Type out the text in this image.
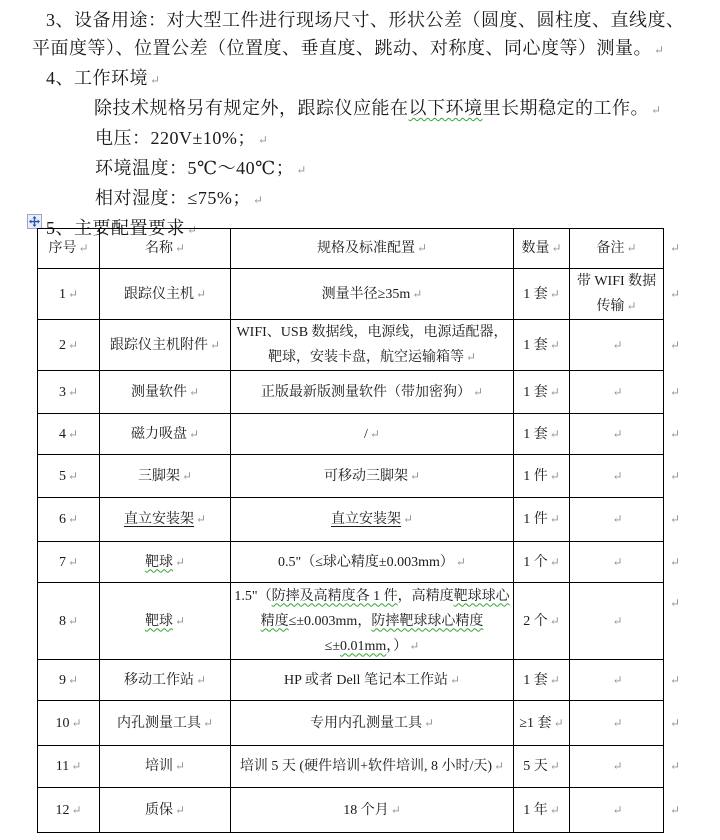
3、设备用途：对大型工件进行现场尺寸、形状公差（圆度、圆柱度、直线度、
平面度等）、位置公差（位置度、垂直度、跳动、对称度、同心度等）测量。 ↵
4、工作环境 ↵
除技术规格另有规定外，跟踪仪应能在以下环境里长期稳定的工作。 ↵
电压：220V±10%； ↵
环境温度：5℃～40℃； ↵
相对湿度：≤75%； ↵
5、主要配置要求 ↵
序号 ↵	名称 ↵	规格及标准配置 ↵	数量 ↵	备注 ↵	↵
1 ↵	跟踪仪主机 ↵	测量半径≥35m ↵	1 套 ↵	带 WIFI 数据传输 ↵	↵
2 ↵	跟踪仪主机附件 ↵	WIFI、USB 数据线，电源线，电源适配器，靶球，安装卡盘，航空运输箱等 ↵	1 套 ↵	↵	↵
3 ↵	测量软件 ↵	正版最新版测量软件（带加密狗） ↵	1 套 ↵	↵	↵
4 ↵	磁力吸盘 ↵	/ ↵	1 套 ↵	↵	↵
5 ↵	三脚架 ↵	可移动三脚架 ↵	1 件 ↵	↵	↵
6 ↵	直立安装架 ↵	直立安装架 ↵	1 件 ↵	↵	↵
7 ↵	靶球 ↵	0.5"（≤球心精度±0.003mm） ↵	1 个 ↵	↵	↵
8 ↵	靶球 ↵	1.5"（防摔及高精度各 1 件，高精度靶球球心精度≤±0.003mm，防摔靶球球心精度≤±0.01mm，） ↵	2 个 ↵	↵	↵
9 ↵	移动工作站 ↵	HP 或者 Dell 笔记本工作站 ↵	1 套 ↵	↵	↵
10 ↵	内孔测量工具 ↵	专用内孔测量工具 ↵	≥1 套 ↵	↵	↵
11 ↵	培训 ↵	培训 5 天 (硬件培训+软件培训, 8 小时/天) ↵	5 天 ↵	↵	↵
12 ↵	质保 ↵	18 个月 ↵	1 年 ↵	↵	↵
